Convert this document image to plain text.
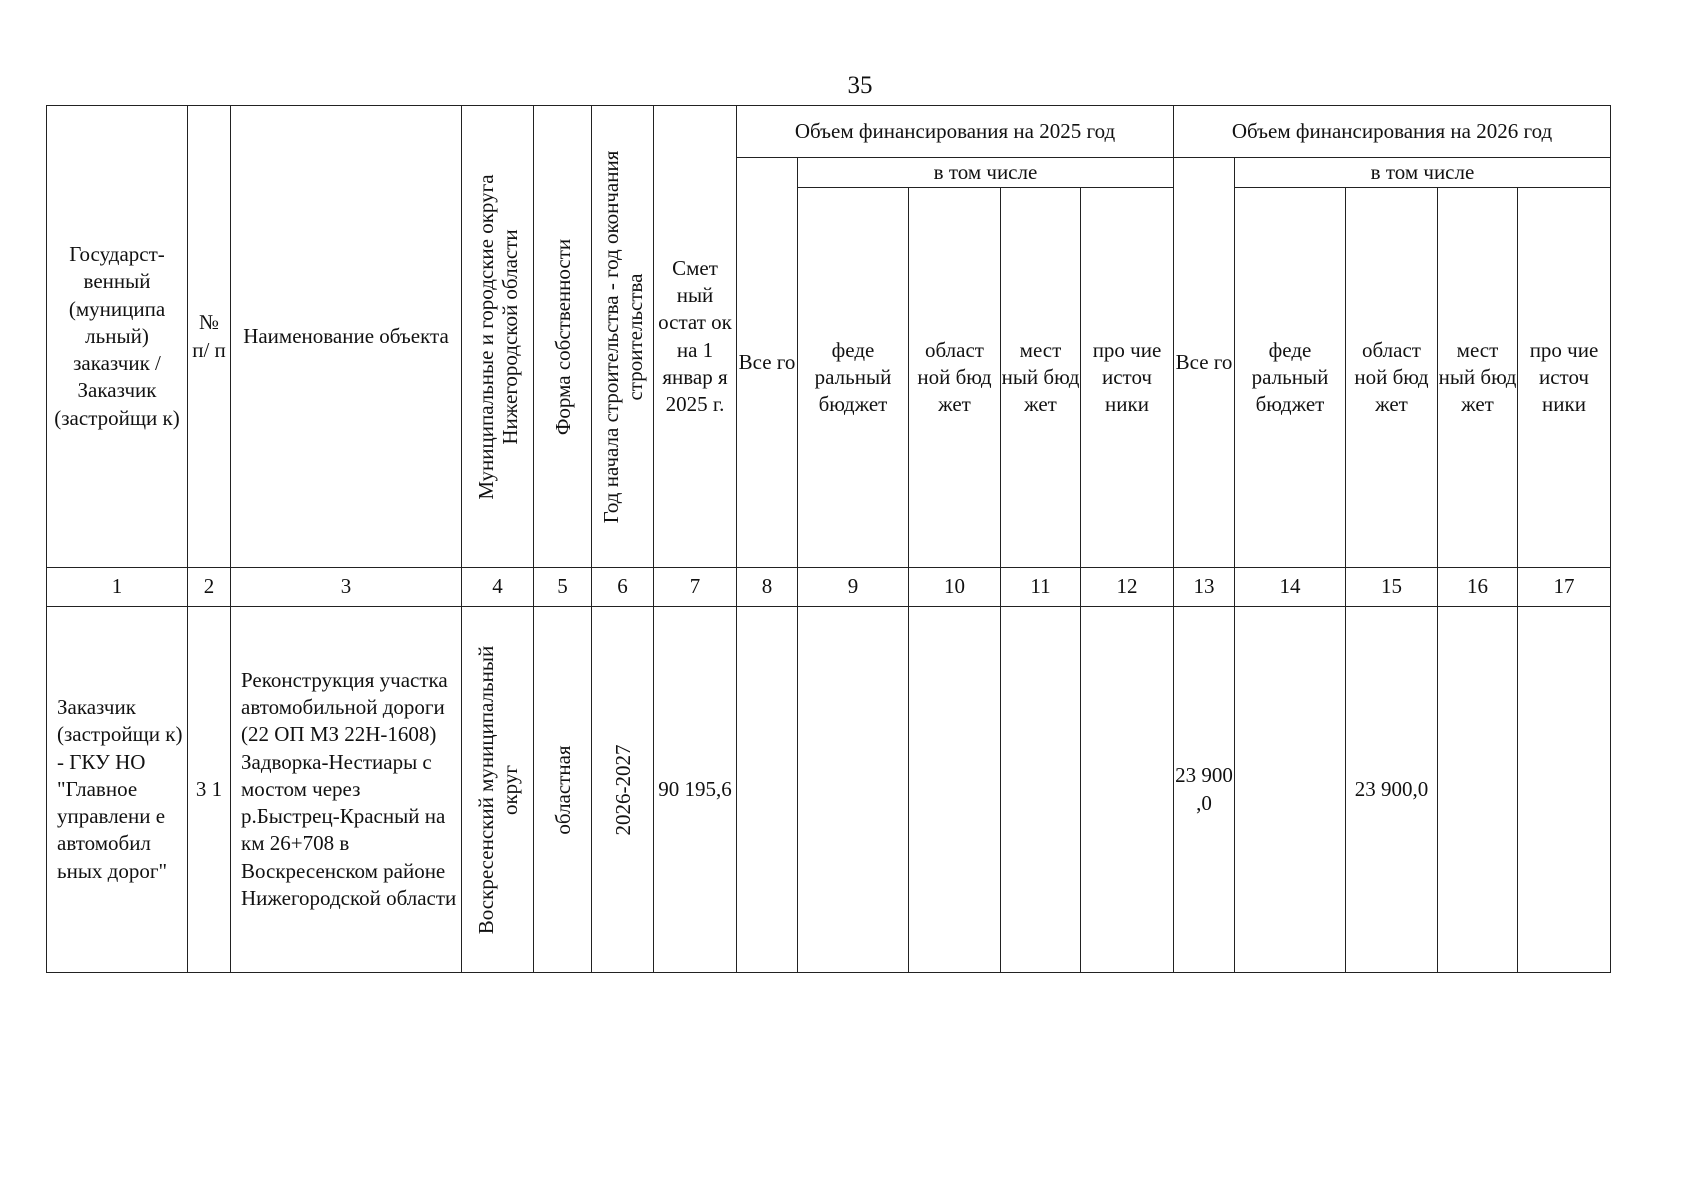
35
Государст-венный (муниципа льный) заказчик / Заказчик (застройщи к)	№ п/ п	Наименование объекта	Муниципальные и городские округа Нижегородской области	Форма собственности	Год начала строительства - год окончания строительства	Смет ный остат ок на 1 январ я 2025 г.	Объем финансирования на 2025 год					Объем финансирования на 2026 год				
							Все го	в том числе				Все го	в том числе			
								феде ральный бюджет	област ной бюд жет	мест ный бюд жет	про чие источ ники		феде ральный бюджет	област ной бюд жет	мест ный бюд жет	про чие источ ники
1	2	3	4	5	6	7	8	9	10	11	12	13	14	15	16	17
Заказчик (застройщи к) - ГКУ НО "Главное управлени е автомобил ьных дорог"	3 1	Реконструкция участка автомобильной дороги (22 ОП МЗ 22Н-1608) Задворка-Нестиары с мостом через р.Быстрец-Красный на км 26+708 в Воскресенском районе Нижегородской области	Воскресенский муниципальный округ	областная	2026-2027	90 195,6						23 900 ,0		23 900,0		
